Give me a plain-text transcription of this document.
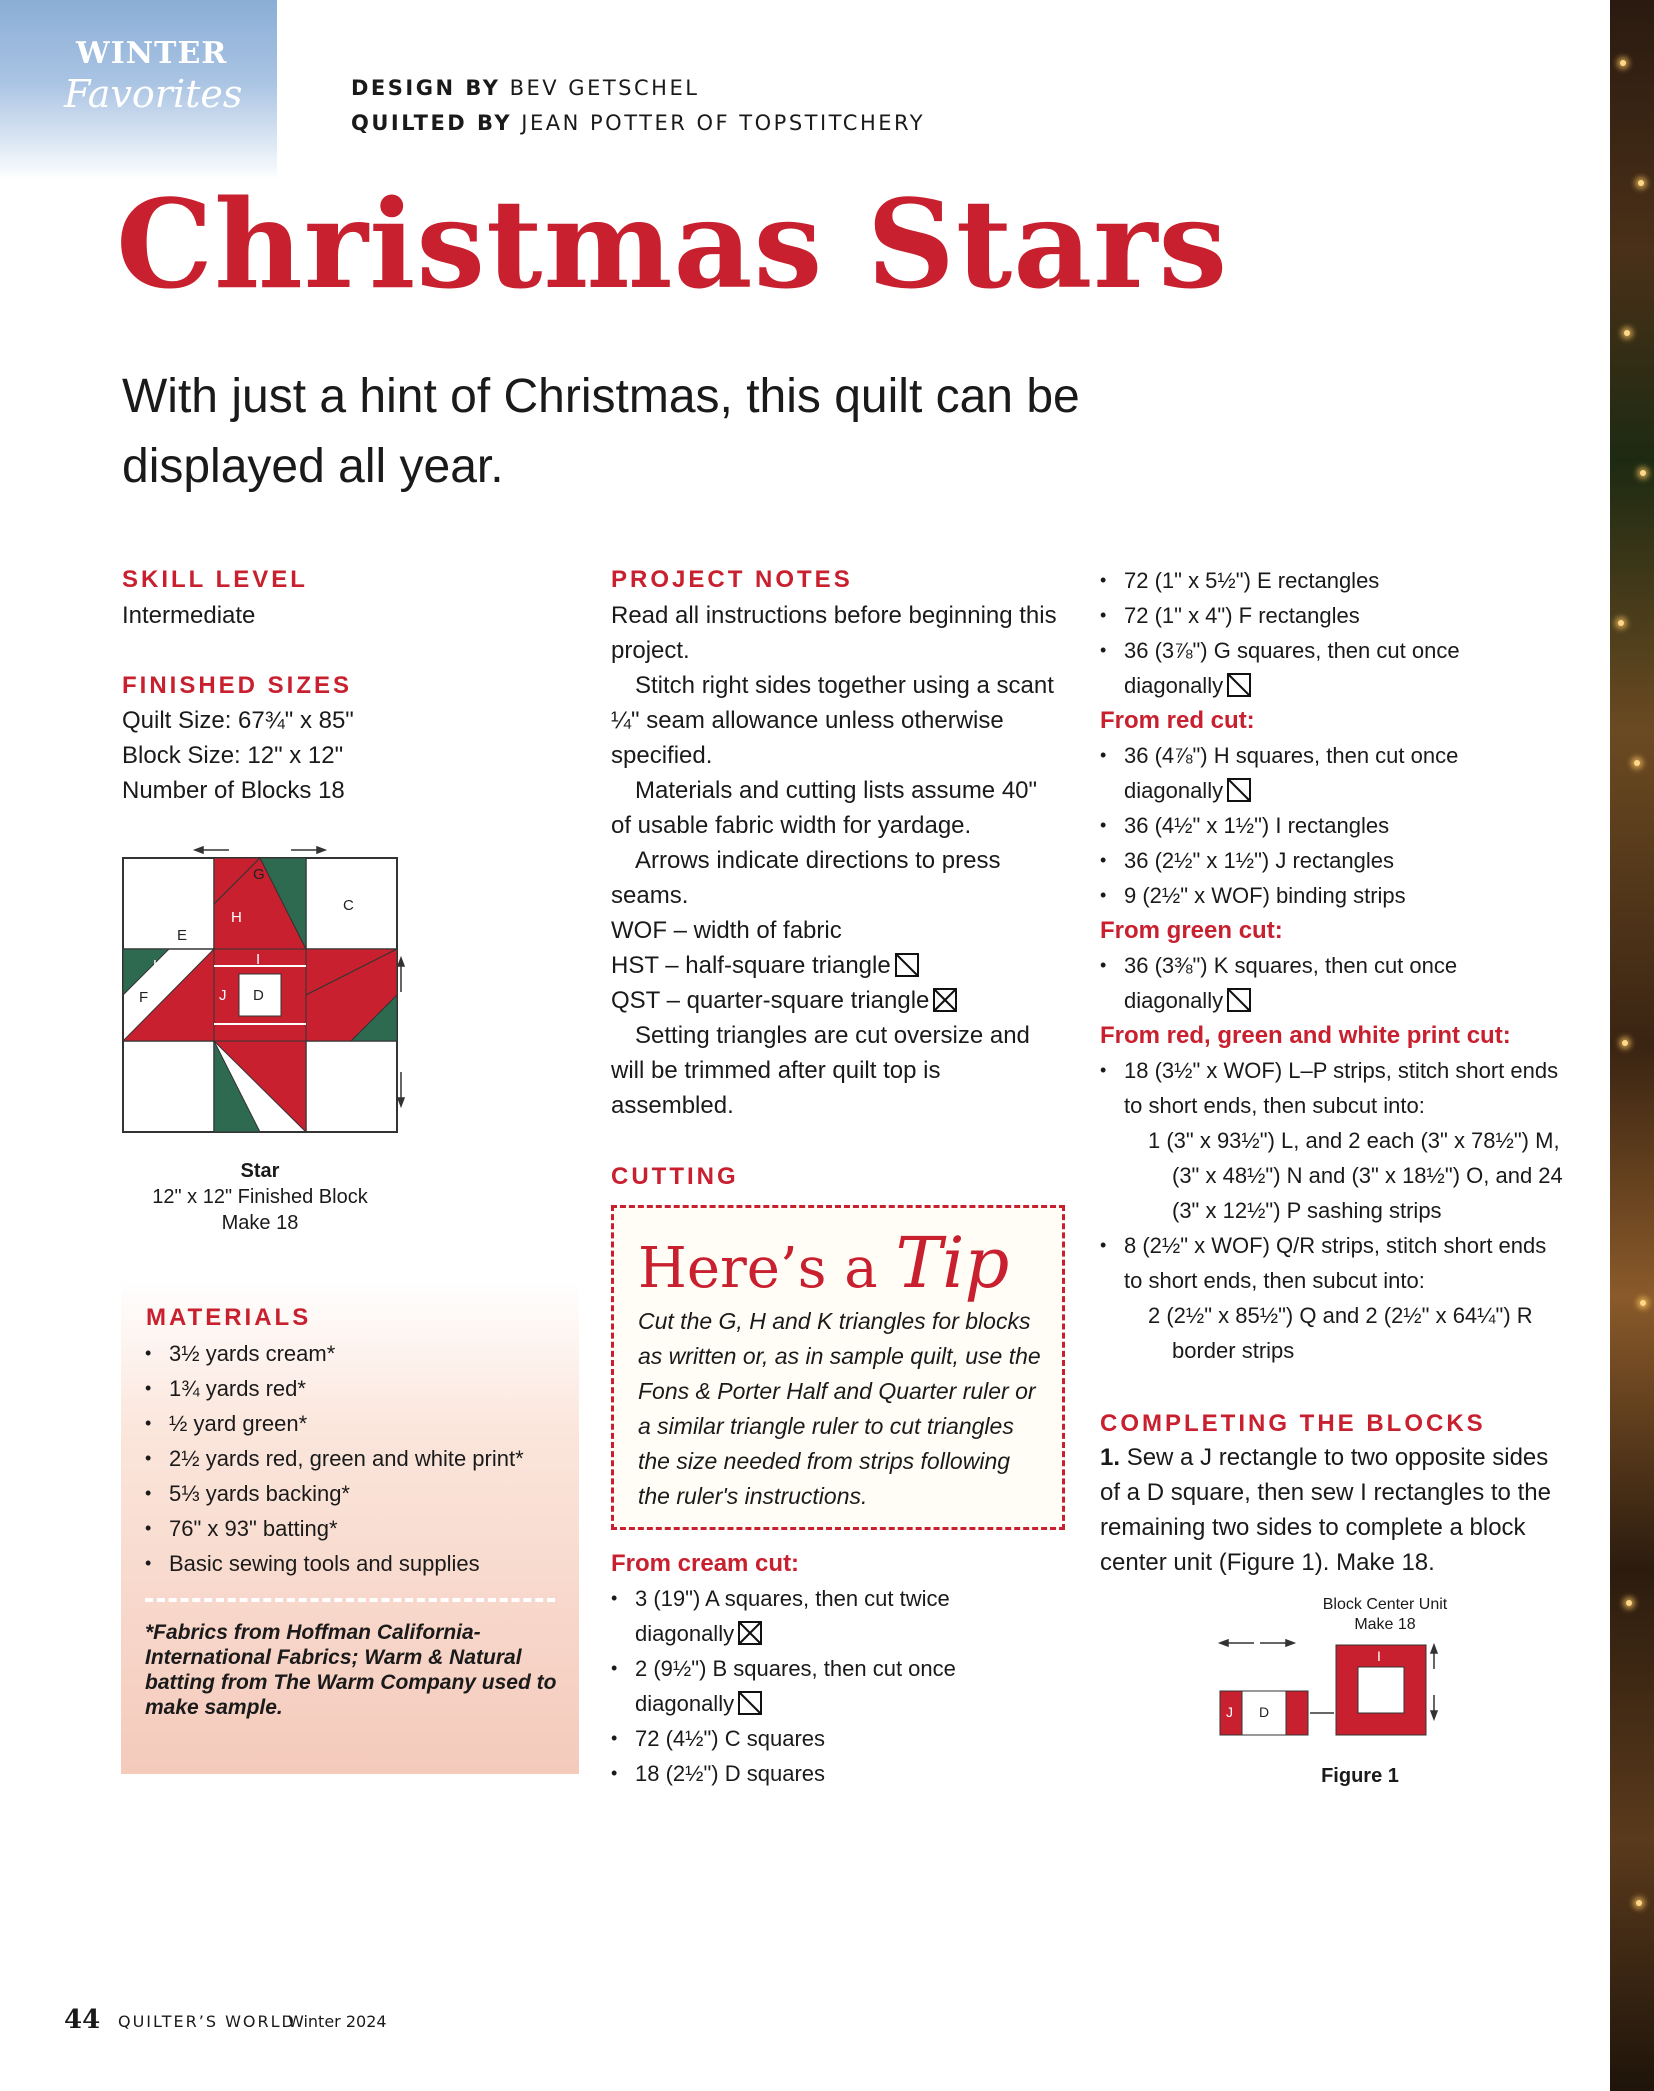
WINTER
Favorites	DESIGN BY BEV GETSCHEL
QUILTED BY JEAN POTTER OF TOPSTITCHERY
Christmas Stars
With just a hint of Christmas, this quilt can be displayed all year.
SKILL LEVEL
Intermediate
FINISHED SIZES
Quilt Size: 67¾" x 85"
Block Size: 12" x 12"
Number of Blocks 18
G
C
H
E
K	I
F	J D
Star
12" x 12" Finished Block
Make 18
MATERIALS
• 3½ yards cream*
• 1¾ yards red*
• ½ yard green*
• 2½ yards red, green and white print*
• 5⅓ yards backing*
• 76" x 93" batting*
• Basic sewing tools and supplies
*Fabrics from Hoffman California-International Fabrics; Warm & Natural batting from The Warm Company used to make sample.
PROJECT NOTES
Read all instructions before beginning this project.
Stitch right sides together using a scant ¼" seam allowance unless otherwise specified.
Materials and cutting lists assume 40" of usable fabric width for yardage.
Arrows indicate directions to press seams.
WOF – width of fabric
HST – half-square triangle
QST – quarter-square triangle
Setting triangles are cut oversize and will be trimmed after quilt top is assembled.
CUTTING
Here’s a Tip
Cut the G, H and K triangles for blocks as written or, as in sample quilt, use the Fons & Porter Half and Quarter ruler or a similar triangle ruler to cut triangles the size needed from strips following the ruler's instructions.
From cream cut:
• 3 (19") A squares, then cut twice diagonally
• 2 (9½") B squares, then cut once diagonally
• 72 (4½") C squares
• 18 (2½") D squares
• 72 (1" x 5½") E rectangles
• 72 (1" x 4") F rectangles
• 36 (3⅞") G squares, then cut once diagonally
From red cut:
• 36 (4⅞") H squares, then cut once diagonally
• 36 (4½" x 1½") I rectangles
• 36 (2½" x 1½") J rectangles
• 9 (2½" x WOF) binding strips
From green cut:
• 36 (3⅜") K squares, then cut once diagonally
From red, green and white print cut:
• 18 (3½" x WOF) L–P strips, stitch short ends to short ends, then subcut into:
1 (3" x 93½") L, and 2 each (3" x 78½") M, (3" x 48½") N and (3" x 18½") O, and 24 (3" x 12½") P sashing strips
• 8 (2½" x WOF) Q/R strips, stitch short ends to short ends, then subcut into:
2 (2½" x 85½") Q and 2 (2½" x 64¼") R border strips
COMPLETING THE BLOCKS
1. Sew a J rectangle to two opposite sides of a D square, then sew I rectangles to the remaining two sides to complete a block center unit (Figure 1). Make 18.
Block Center Unit
Make 18
J D
I
Figure 1
44 QUILTER’S WORLD
Winter 2024
